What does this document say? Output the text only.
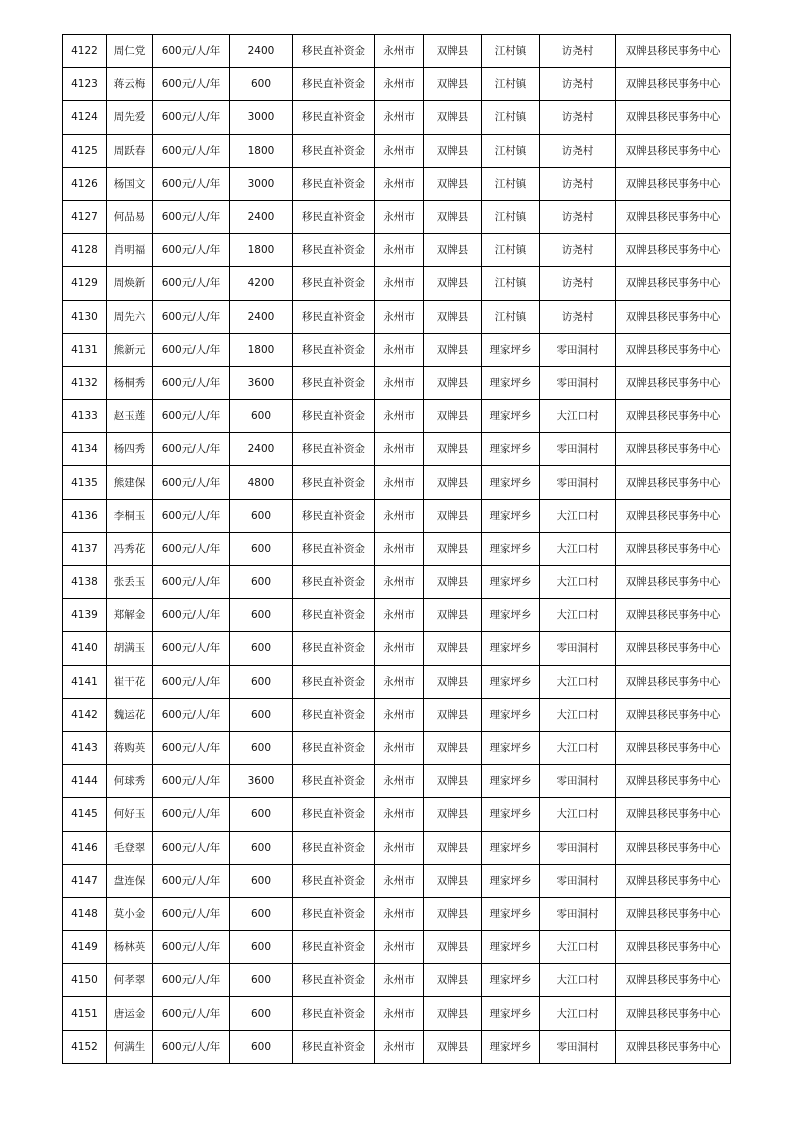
4122	周仁党	600元/人/年	2400	移民直补资金	永州市	双牌县	江村镇	访尧村	双牌县移民事务中心
4123	蒋云梅	600元/人/年	600	移民直补资金	永州市	双牌县	江村镇	访尧村	双牌县移民事务中心
4124	周先爱	600元/人/年	3000	移民直补资金	永州市	双牌县	江村镇	访尧村	双牌县移民事务中心
4125	周跃春	600元/人/年	1800	移民直补资金	永州市	双牌县	江村镇	访尧村	双牌县移民事务中心
4126	杨国文	600元/人/年	3000	移民直补资金	永州市	双牌县	江村镇	访尧村	双牌县移民事务中心
4127	何品易	600元/人/年	2400	移民直补资金	永州市	双牌县	江村镇	访尧村	双牌县移民事务中心
4128	肖明福	600元/人/年	1800	移民直补资金	永州市	双牌县	江村镇	访尧村	双牌县移民事务中心
4129	周焕新	600元/人/年	4200	移民直补资金	永州市	双牌县	江村镇	访尧村	双牌县移民事务中心
4130	周先六	600元/人/年	2400	移民直补资金	永州市	双牌县	江村镇	访尧村	双牌县移民事务中心
4131	熊新元	600元/人/年	1800	移民直补资金	永州市	双牌县	理家坪乡	零田洞村	双牌县移民事务中心
4132	杨桐秀	600元/人/年	3600	移民直补资金	永州市	双牌县	理家坪乡	零田洞村	双牌县移民事务中心
4133	赵玉莲	600元/人/年	600	移民直补资金	永州市	双牌县	理家坪乡	大江口村	双牌县移民事务中心
4134	杨四秀	600元/人/年	2400	移民直补资金	永州市	双牌县	理家坪乡	零田洞村	双牌县移民事务中心
4135	熊建保	600元/人/年	4800	移民直补资金	永州市	双牌县	理家坪乡	零田洞村	双牌县移民事务中心
4136	李桐玉	600元/人/年	600	移民直补资金	永州市	双牌县	理家坪乡	大江口村	双牌县移民事务中心
4137	冯秀花	600元/人/年	600	移民直补资金	永州市	双牌县	理家坪乡	大江口村	双牌县移民事务中心
4138	张丢玉	600元/人/年	600	移民直补资金	永州市	双牌县	理家坪乡	大江口村	双牌县移民事务中心
4139	郑解金	600元/人/年	600	移民直补资金	永州市	双牌县	理家坪乡	大江口村	双牌县移民事务中心
4140	胡满玉	600元/人/年	600	移民直补资金	永州市	双牌县	理家坪乡	零田洞村	双牌县移民事务中心
4141	崔干花	600元/人/年	600	移民直补资金	永州市	双牌县	理家坪乡	大江口村	双牌县移民事务中心
4142	魏运花	600元/人/年	600	移民直补资金	永州市	双牌县	理家坪乡	大江口村	双牌县移民事务中心
4143	蒋购英	600元/人/年	600	移民直补资金	永州市	双牌县	理家坪乡	大江口村	双牌县移民事务中心
4144	何球秀	600元/人/年	3600	移民直补资金	永州市	双牌县	理家坪乡	零田洞村	双牌县移民事务中心
4145	何好玉	600元/人/年	600	移民直补资金	永州市	双牌县	理家坪乡	大江口村	双牌县移民事务中心
4146	毛登翠	600元/人/年	600	移民直补资金	永州市	双牌县	理家坪乡	零田洞村	双牌县移民事务中心
4147	盘连保	600元/人/年	600	移民直补资金	永州市	双牌县	理家坪乡	零田洞村	双牌县移民事务中心
4148	莫小金	600元/人/年	600	移民直补资金	永州市	双牌县	理家坪乡	零田洞村	双牌县移民事务中心
4149	杨林英	600元/人/年	600	移民直补资金	永州市	双牌县	理家坪乡	大江口村	双牌县移民事务中心
4150	何孝翠	600元/人/年	600	移民直补资金	永州市	双牌县	理家坪乡	大江口村	双牌县移民事务中心
4151	唐运金	600元/人/年	600	移民直补资金	永州市	双牌县	理家坪乡	大江口村	双牌县移民事务中心
4152	何满生	600元/人/年	600	移民直补资金	永州市	双牌县	理家坪乡	零田洞村	双牌县移民事务中心
